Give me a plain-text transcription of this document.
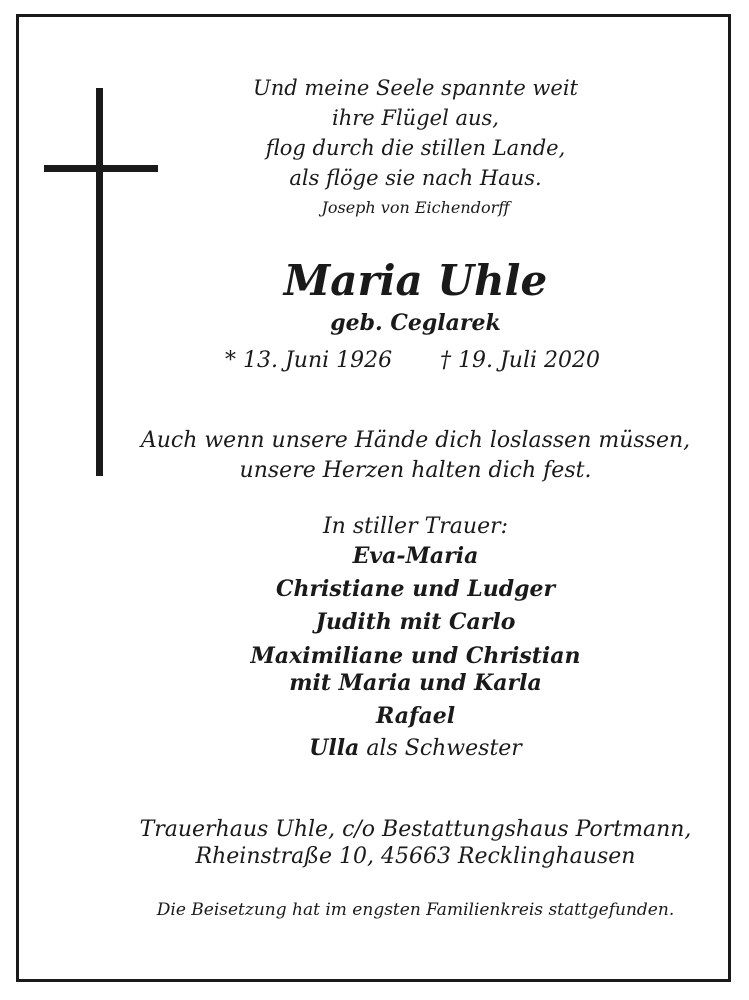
Und meine Seele spannte weit
ihre Flügel aus,
flog durch die stillen Lande,
als flöge sie nach Haus.
Joseph von Eichendorff
Maria Uhle
geb. Ceglarek
* 13. Juni 1926 † 19. Juli 2020
Auch wenn unsere Hände dich loslassen müssen,
unsere Herzen halten dich fest.
In stiller Trauer:
Eva-Maria
Christiane und Ludger
Judith mit Carlo
Maximiliane und Christian
mit Maria und Karla
Rafael
Ulla als Schwester
Trauerhaus Uhle, c/o Bestattungshaus Portmann,
Rheinstraße 10, 45663 Recklinghausen
Die Beisetzung hat im engsten Familienkreis stattgefunden.
